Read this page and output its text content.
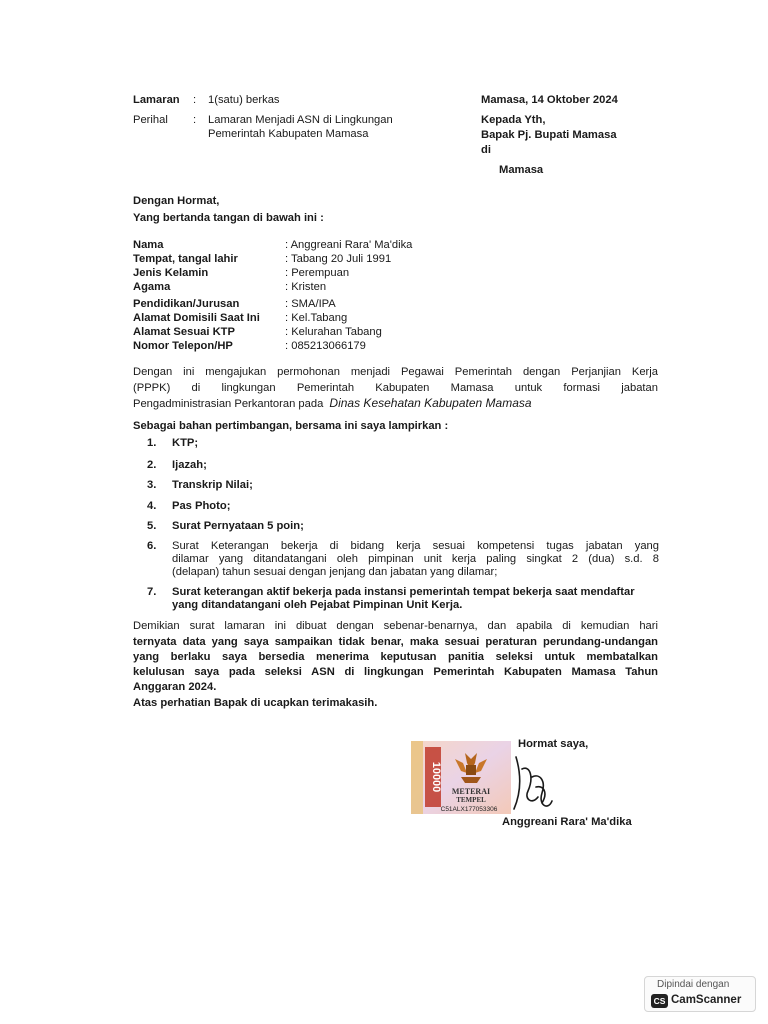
Lamaran : 1(satu) berkas
Perihal : Lamaran Menjadi ASN di Lingkungan
Pemerintah Kabupaten Mamasa
Mamasa, 14 Oktober 2024
Kepada Yth,
Bapak Pj. Bupati Mamasa
di
Mamasa
Dengan Hormat,
Yang bertanda tangan di bawah ini :
Nama	: Anggreani Rara' Ma'dika
Tempat, tangal lahir	: Tabang 20 Juli 1991
Jenis Kelamin	: Perempuan
Agama	: Kristen
Pendidikan/Jurusan	: SMA/IPA
Alamat Domisili Saat Ini : Kel.Tabang
Alamat Sesuai KTP	: Kelurahan Tabang
Nomor Telepon/HP	: 085213066179
Dengan ini mengajukan permohonan menjadi Pegawai Pemerintah dengan Perjanjian Kerja
(PPPK) di lingkungan Pemerintah Kabupaten Mamasa untuk formasi jabatan
Pengadministrasian Perkantoran pada Dinas Kesehatan Kabupaten Mamasa
Sebagai bahan pertimbangan, bersama ini saya lampirkan :
1. KTP;
2. Ijazah;
3. Transkrip Nilai;
4. Pas Photo;
5. Surat Pernyataan 5 poin;
6. Surat Keterangan bekerja di bidang kerja sesuai kompetensi tugas jabatan yang
dilamar yang ditandatangani oleh pimpinan unit kerja paling singkat 2 (dua) s.d. 8
(delapan) tahun sesuai dengan jenjang dan jabatan yang dilamar;
7. Surat keterangan aktif bekerja pada instansi pemerintah tempat bekerja saat mendaftar
yang ditandatangani oleh Pejabat Pimpinan Unit Kerja.
Demikian surat lamaran ini dibuat dengan sebenar-benarnya, dan apabila di kemudian hari
ternyata data yang saya sampaikan tidak benar, maka sesuai peraturan perundang-undangan
yang berlaku saya bersedia menerima keputusan panitia seleksi untuk membatalkan
kelulusan saya pada seleksi ASN di lingkungan Pemerintah Kabupaten Mamasa Tahun
Anggaran 2024.
Atas perhatian Bapak di ucapkan terimakasih.
Hormat saya,
10000 METERAI
TEMPEL
C51ALX177053306
Anggreani Rara' Ma'dika
Dipindai dengan
CS CamScanner
